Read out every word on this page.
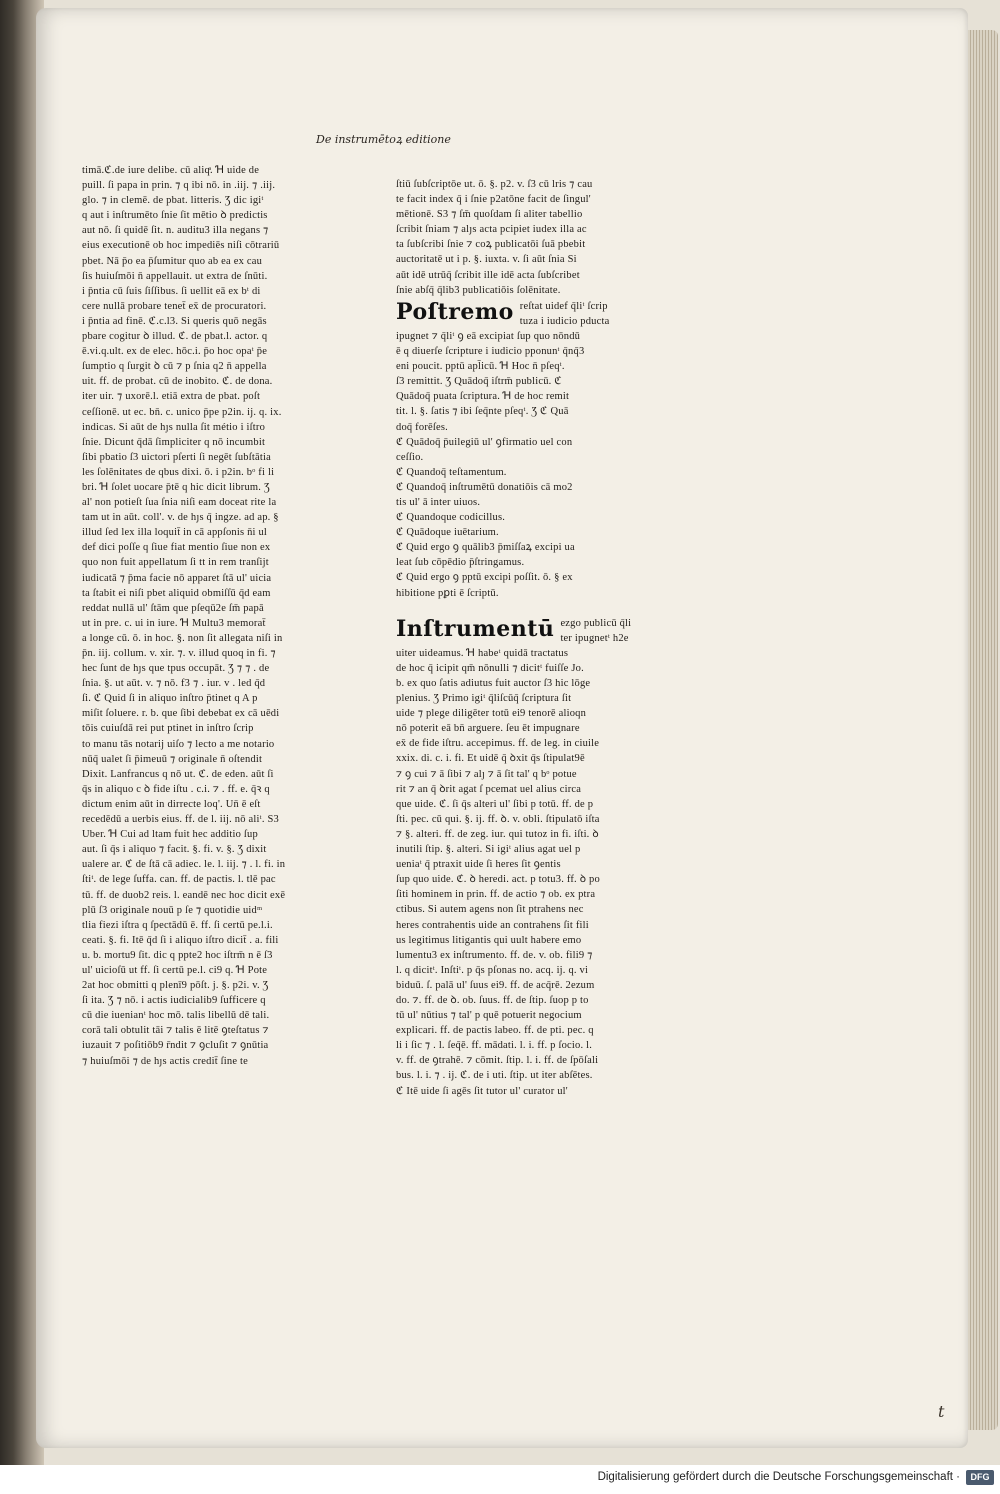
De instrumētoꝝ editione
timā.ℭ.de iure delibe. cū aliqͣ. Ɦ uide de
puill. ſi papa in prin. ⁊ q ibi nō. in .iij. ⁊ .iij.
glo. ⁊ in clemē. de pbat. litteris. Ʒ dic igiᵗ
q aut i inſtrumēto ſnie ſit mētio ꝺ predictis
aut nō. ſi quidē ſit. n. auditu3 illa negans ⁊
eius executionē ob hoc impediēs niſi cōtrariū
pbet. Nā p̄o ea p̄ſumitur quo ab ea ex cau
ſis huiuſmōi n̄ appellauit. ut extra de ſnūti.
i p̄ntia cū ſuis ſiſſibus. ſi uellit eā ex bᵗ di
cere nullā probare tenet̄ ex̄ de procuratori.
i p̄ntia ad finē. ℭ.c.l3. Si queris quō negās
pbare cogitur ꝺ illud. ℭ. de pbat.l. actor. q
ē.vi.q.ult. ex de elec. hōc.i. p̄o hoc opaᵗ p̄e
ſumptio q ſurgit ꝺ cū ⁊ p ſnia q2 n̄ appella
uit. ff. de probat. cū de inobito. ℭ. de dona.
iter uir. ⁊ uxorē.l. etiā extra de pbat. poſt
ceſſionē. ut ec. bn̄. c. unico p̄pe p2in. ij. q. ix.
indicas. Si aūt de hȷs nulla ſit métio i iſtro
ſnie. Dicunt q̄dā ſimpliciter q nō incumbit
ſibi pbatio ſ3 uictori pſerti ſi negēt ſubſtātia
les ſolēnitates de qbus dixi. ō. i p2in. bᵒ fi li
bri. Ɦ ſolet uocare p̄tē q hic dicit librum. Ʒ
al' non potieſt ſua ſnia niſi eam doceat rite la
tam ut in aūt. coll'. v. de hȷs q̄ ingze. ad ap. §
illud ſed lex illa loquit̄ in cā appſonis n̄i ul
def dici poſſe q ſiue fiat mentio ſiue non ex
quo non fuit appellatum ſi tt in rem tranſijt
iudicatā ⁊ p̄ma facie nō apparet ſtā ul' uicia
ta ſtabit ei niſi pbet aliquid obmiſſū q̄d eam
reddat nullā ul' ſtām que pſeqū2e ſm̄ papā
ut in pre. c. ui in iure. Ɦ Multu3 memorat̄
a longe cū. ō. in hoc. §. non ſit allegata niſi in
p̄n. iij. collum. v. xir. ⁊. v. illud quoq in fi. ⁊
hec ſunt de hȷs que tpus occupāt. Ʒ ⁊ ⁊ . de
ſnia. §. ut aūt. v. ⁊ nō. f3 ⁊ . iur. v . led q̄d
ſi. ℭ Quid ſi in aliquo inſtro p̄tinet q A p
miſit ſoluere. r. b. que ſibi debebat ex cā uēdi
tōis cuiuſdā rei put ptinet in inſtro ſcrip
to manu tās notarij uiſo ⁊ lecto a me notario
nūq̄ ualet ſi p̄imeuū ⁊ originale n̄ oſtendit
Dixit. Lanfrancus q nō ut. ℭ. de eden. aūt ſi
q̄s in aliquo c ꝺ fide iſtu . c.i. ⁊ . ff. e. q̄ꝛ q
dictum enim aūt in dirrecte loq'. Un̄ ē eſt
recedēdū a uerbis eius. ff. de l. iij. nō aliᵗ. S3
Uber. Ɦ Cui ad ltam fuit hec additio ſup
aut. ſi q̄s i aliquo ⁊ facit. §. fi. v. §. Ʒ dixit
ualere ar. ℭ de ſtā cā adiec. le. l. iij. ⁊ . l. fi. in
ſtiᵗ. de lege ſuffa. can. ff. de pactis. l. tlē pac
tū. ff. de duob2 reis. l. eandē nec hoc dicit exē
plū ſ3 originale nouū p ſe ⁊ quotidie uidᵐ
tlia fiezi iſtra q ſpectādū ē. ff. ſi certū pe.l.i.
ceati. §. fi. Itē q̄d ſi i aliquo iſtro dicit̄ . a. fili
u. b. mortu9 ſit. dic q ppte2 hoc iſtrm̄ n ē ſ3
ul' uicioſū ut ff. ſi certū pe.l. ci9 q. Ɦ Pote
2at hoc obmitti q plenī9 pōſt. j. §. p2i. v. Ʒ
ſi ita. Ʒ ⁊ nō. i actis iudicialib9 ſufficere q
cū die iuenianᵗ hoc mō. talis libellū dē tali.
corā tali obtulit tāi ⁊ talis ē litē ꝯteſtatus ⁊
iuzauit ⁊ poſitiōb9 r̄ndit ⁊ ꝯcluſit ⁊ ꝯnūtia
⁊ huiuſmōi ⁊ de hȷs actis credit̄ ſine te
ſtiū ſubſcriptōe ut. ō. §. p2. v. ſ3 cū lris ⁊ cau
te facit index q̄ i ſnie p2atōne facit de ſingul'
mētionē. S3 ⁊ ſm̄ quoſdam ſi aliter tabellio
ſcribit ſniam ⁊ alȷs acta pcipiet iudex illa ac
ta ſubſcribi ſnie ⁊ coꝝ publicatōi ſuā pbebit
auctoritatē ut i p. §. iuxta. v. ſi aūt ſnia Si
aūt idē utrūq̄ ſcribit ille idē acta ſubſcribet
ſnie abſq̄ q̄lib3 publicatiōis ſolēnitate.
Poſtremo reſtat uidef q̄liᵗ ſcrip
tuza i iudicio pducta
ipugnet ⁊ q̄liᵗ ꝯ eā excipiat ſup quo nōndū
ē q diuerſe ſcripture i iudicio pponunᵗ q̄nq̄3
eni poucit. pptū apl̄icū. Ɦ Hoc n̄ pſeqᵗ.
ſ3 remittit. Ʒ Quādoq̄ iſtrm̄ publicū. ℭ
Quādoq̄ puata ſcriptura. Ɦ de hoc remit
tit. l. §. ſatis ⁊ ibi ſeq̄nte pſeqᵗ. Ʒ ℭ Quā
doq̄ forēſes.
ℭ Quādoq̄ p̄uilegiū ul' ꝯfirmatio uel con
ceſſio.
ℭ Quandoq̄ teſtamentum.
ℭ Quandoq̄ inſtrumētū donatiōis cā mo2
tis ul' ā inter uiuos.
ℭ Quandoque codicillus.
ℭ Quādoque iuētarium.
ℭ Quid ergo ꝯ quālib3 p̄miſſaꝝ excipi ua
leat ſub cōpēdio p̄ſtringamus.
ℭ Quid ergo ꝯ pptū excipi poſſit. ō. § ex
hibitione pꝑti ē ſcriptū.
Inſtrumentū ezgo publicū q̄li
ter ipugnetᵗ h2e
uiter uideamus. Ɦ habeᵗ quidā tractatus
de hoc q̄ icipit qm̄ nōnulli ⁊ dicitᵗ fuiſſe Jo.
b. ex quo ſatis adiutus fuit auctor ſ3 hic lōge
plenius. Ʒ Primo igiᵗ q̄liſcūq̄ ſcriptura ſit
uide ⁊ plege diligēter totū ei9 tenorē alioqn
nō poterit eā bn̄ arguere. ſeu ēt impugnare
ex̄ de fide iſtru. accepimus. ff. de leg. in ciuile
xxix. di. c. i. fi. Et uidē q̄ ꝺxit q̄s ſtipulat9ē
⁊ ꝯ cui ⁊ ā ſibi ⁊ alȷ ⁊ ā ſit tal' q bᵒ potue
rit ⁊ an q̄ ꝺrit agat ſ pcemat uel alius circa
que uide. ℭ. ſi q̄s alteri ul' ſibi p totū. ff. de p
ſti. pec. cū qui. §. ij. ff. ꝺ. v. obli. ſtipulatō iſta
⁊ §. alteri. ff. de zeg. iur. qui tutoz in fi. iſti. ꝺ
inutili ſtip. §. alteri. Si igiᵗ alius agat uel p
ueniaᵗ q̄ ptraxit uide ſi heres ſit ꝯentis
ſup quo uide. ℭ. ꝺ heredi. act. p totu3. ff. ꝺ po
ſiti hominem in prin. ff. de actio ⁊ ob. ex ptra
ctibus. Si autem agens non ſit ptrahens nec
heres contrahentis uide an contrahens ſit fili
us legitimus litigantis qui uult habere emo
lumentu3 ex inſtrumento. ff. de. v. ob. fili9 ⁊
l. q dicitᵗ. Inſtiᵗ. p q̄s pſonas no. acq. ij. q. vi
biduū. ſ. palā ul' ſuus ei9. ff. de acq̄rē. 2ezum
do. ⁊. ff. de ꝺ. ob. ſuus. ff. de ſtip. ſuop p to
tū ul' nūtius ⁊ tal' p quē potuerit negocium
explicari. ff. de pactis labeo. ff. de pti. pec. q
li i ſic ⁊ . l. ſeq̄ē. ff. mādati. l. i. ff. p ſocio. l.
v. ff. de ꝯtrahē. ⁊ cōmit. ſtip. l. i. ff. de ſpōſali
bus. l. i. ⁊ . ij. ℭ. de i uti. ſtip. ut iter abſētes.
ℭ Itē uide ſi agēs ſit tutor ul' curator ul'
t
Digitalisierung gefördert durch die Deutsche Forschungsgemeinschaft ·	DFG
